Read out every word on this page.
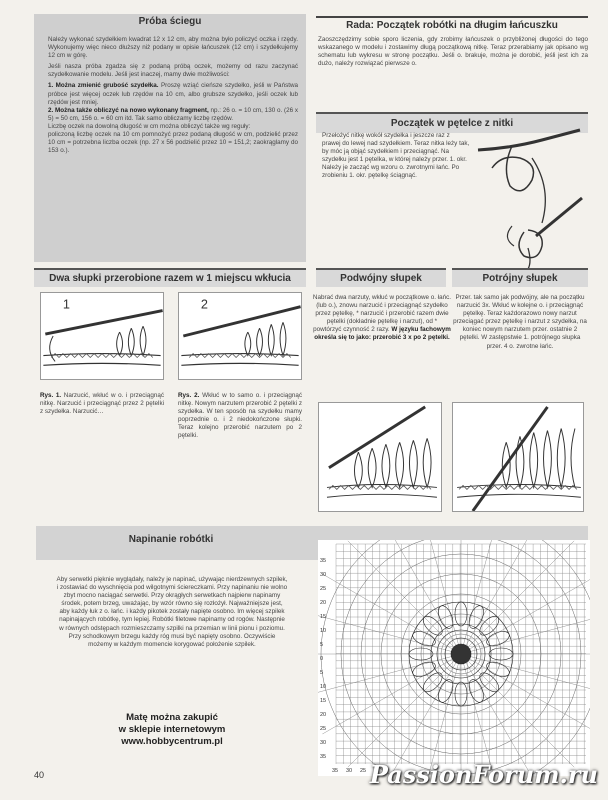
Próba ściegu

Należy wykonać szydełkiem kwadrat 12 x 12 cm, aby można było policzyć oczka i rzędy. Wykonujemy więc nieco dłuższy niż podany w opisie łańcuszek (12 cm) i szydełkujemy 12 cm w górę.

Jeśli nasza próba zgadza się z podaną próbą oczek, możemy od razu zaczynać szydełkowanie modelu. Jeśli jest inaczej, mamy dwie możliwości:

1. Można zmienić grubość szydełka. Proszę wziąć cieńsze szydełko, jeśli w Państwa próbce jest więcej oczek lub rzędów na 10 cm, albo grubsze szydełko, jeśli oczek lub rzędów jest mniej.

2. Można także obliczyć na nowo wykonany fragment, np.: 26 o. = 10 cm, 130 o. (26 x 5) = 50 cm, 156 o. = 60 cm itd. Tak samo obliczamy liczbę rzędów.

Liczbę oczek na dowolną długość w cm można obliczyć także wg reguły:

policzoną liczbę oczek na 10 cm pomnożyć przez podaną długość w cm, podzielić przez 10 cm = potrzebna liczba oczek (np. 27 x 56 podzielić przez 10 = 151,2; zaokrąglamy do 153 o.).

Rada: Początek robótki na długim łańcuszku
Zaoszczędzimy sobie sporo liczenia, gdy zrobimy łańcuszek o przybliżonej długości do tego wskazanego w modelu i zostawimy długą początkową nitkę. Teraz przerabiamy jak opisano wg schematu lub wykresu w stronę początku. Jeśli o. brakuje, można je dorobić, jeśli jest ich za dużo, należy rozwiązać pierwsze o.
Początek w pętelce z nitki
Przełożyć nitkę wokół szydełka i jeszcze raz z prawej do lewej nad szydełkiem. Teraz nitka leży tak, by móc ją objąć szydełkiem i przeciągnąć. Na szydełku jest 1 pętelka, w której należy przer. 1. okr. Należy je zacząć wg wzoru o. zwrotnymi łańc. Po zrobieniu 1. okr. pętelkę ściągnąć.
Dwa słupki przerobione razem w 1 miejscu wkłucia
1	2
Rys. 1. Narzucić, wkłuć w o. i przeciągnąć nitkę. Narzucić i przeciągnąć przez 2 pętelki z szydełka. Narzucić…
Rys. 2. Wkłuć w to samo o. i przeciągnąć nitkę. Nowym narzutem przerobić 2 pętelki z szydełka. W ten sposób na szydełku mamy poprzednie o. i 2 niedokończone słupki. Teraz kolejno przerobić narzutem po 2 pętelki.
Podwójny słupek
Nabrać dwa narzuty, wkłuć w początkowe o. łańc. (lub o.), znowu narzucić i przeciągnąć szydełko przez pętelkę, * narzucić i przerobić razem dwie pętelki (dokładnie pętelkę i narzut), od * powtórzyć czynność 2 razy. W języku fachowym określa się to jako: przerobić 3 x po 2 pętelki.
Potrójny słupek
Przer. tak samo jak podwójny, ale na początku narzucić 3x. Wkłuć w kolejne o. i przeciągnąć pętelkę. Teraz każdorazowo nowy narzut przeciągać przez pętelkę i narzut z szydełka, na koniec nowym narzutem przer. ostatnie 2 pętelki. W zastępstwie 1. potrójnego słupka przer. 4 o. zwrotne łańc.
Napinanie robótki
Aby serwetki pięknie wyglądały, należy je napinać, używając nierdzewnych szpilek, i zostawiać do wyschnięcia pod wilgotnymi ściereczkami. Przy napinaniu nie wolno zbyt mocno naciągać serwetki. Przy okrągłych serwetkach najpierw napinamy środek, potem brzeg, uważając, by wzór równo się rozłożył. Najważniejsze jest, aby każdy łuk z o. łańc. i każdy pikotek zostały napięte osobno. Im więcej szpilek napinających robótkę, tym lepiej. Robótki filetowe napinamy od rogów. Następnie w równych odstępach rozmieszczamy szpilki na przemian w linii pionu i poziomu. Przy schodkowym brzegu każdy róg musi być napięty osobno. Oczywiście możemy w każdym momencie korygować położenie szpilek.
Matę można zakupić
w sklepie internetowym
www.hobbycentrum.pl
35
30
25
20
15
10
5
0
5
10
15
20
25
30
35
35 30 25
40	PassionForum.ru
